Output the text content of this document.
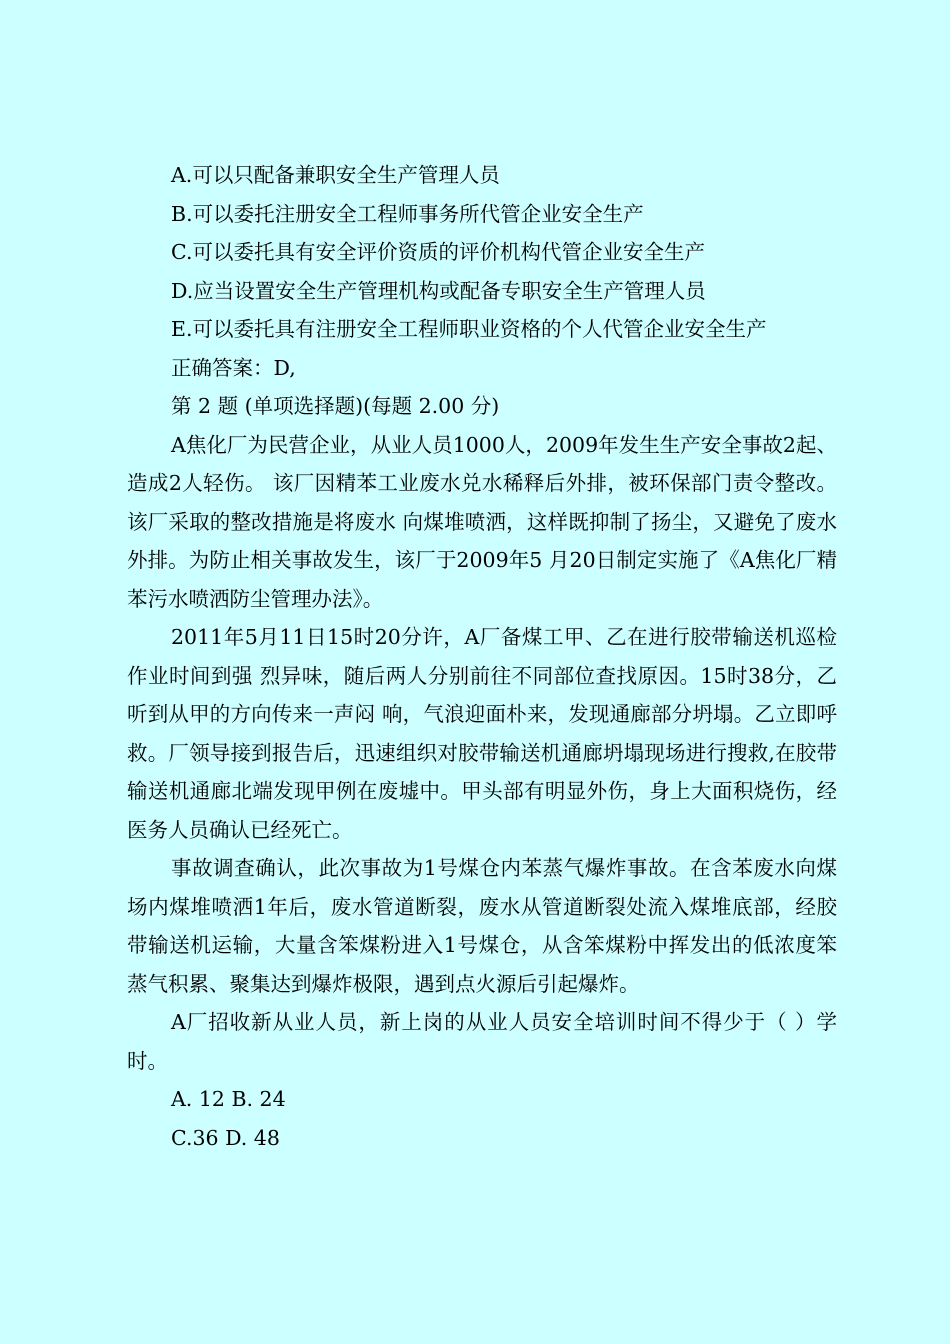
A.可以只配备兼职安全生产管理人员
B.可以委托注册安全工程师事务所代管企业安全生产
C.可以委托具有安全评价资质的评价机构代管企业安全生产
D.应当设置安全生产管理机构或配备专职安全生产管理人员
E.可以委托具有注册安全工程师职业资格的个人代管企业安全生产
正确答案：D,
第 2 题 (单项选择题)(每题 2.00 分)
A焦化厂为民营企业，从业人员1000人，2009年发生生产安全事故2起、造成2人轻伤。 该厂因精苯工业废水兑水稀释后外排，被环保部门责令整改。该厂采取的整改措施是将废水 向煤堆喷洒，这样既抑制了扬尘，又避免了废水外排。为防止相关事故发生，该厂于2009年5 月20日制定实施了《A焦化厂精苯污水喷洒防尘管理办法》。
2011年5月11日15时20分许，A厂备煤工甲、乙在进行胶带输送机巡检作业时间到强 烈异味，随后两人分别前往不同部位查找原因。15时38分，乙听到从甲的方向传来一声闷 响，气浪迎面朴来，发现通廊部分坍塌。乙立即呼救。厂领导接到报告后，迅速组织对胶带输送机通廊坍塌现场进行搜救,在胶带输送机通廊北端发现甲例在废墟中。甲头部有明显外伤，身上大面积烧伤，经医务人员确认已经死亡。
事故调查确认，此次事故为1号煤仓内苯蒸气爆炸事故。在含苯废水向煤场内煤堆喷洒1年后，废水管道断裂，废水从管道断裂处流入煤堆底部，经胶带输送机运输，大量含笨煤粉进入1号煤仓，从含笨煤粉中挥发出的低浓度笨蒸气积累、聚集达到爆炸极限，遇到点火源后引起爆炸。
A厂招收新从业人员，新上岗的从业人员安全培训时间不得少于（ ）学时。
A. 12 B. 24
C.36 D. 48
